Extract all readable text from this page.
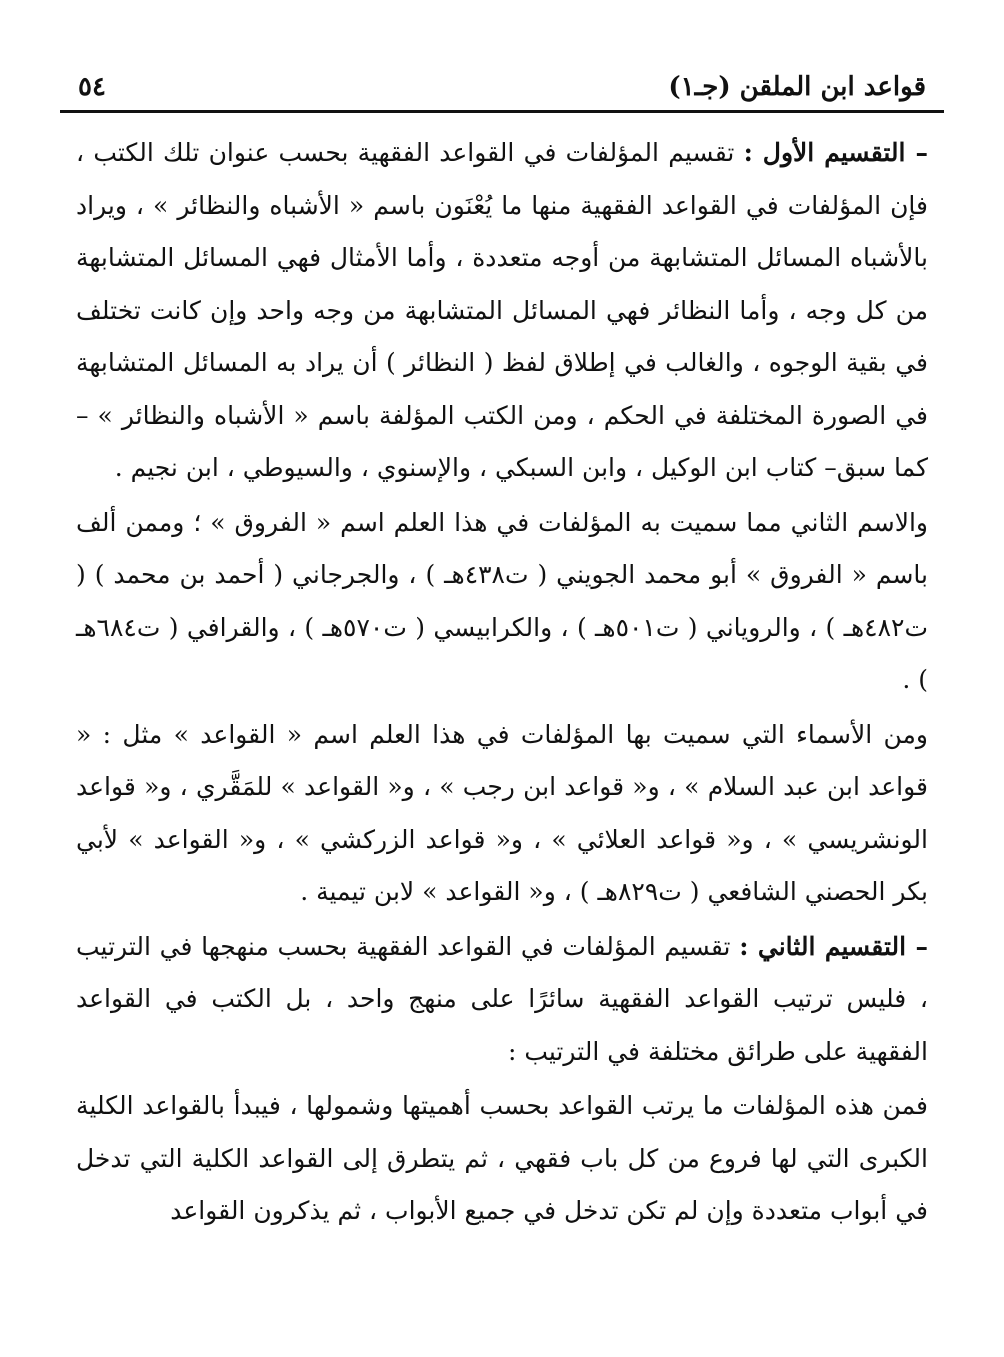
قواعد ابن الملقن (جـ١)
٥٤

– التقسيم الأول : تقسيم المؤلفات في القواعد الفقهية بحسب عنوان تلك الكتب ، فإن المؤلفات في القواعد الفقهية منها ما يُعْنَون باسم « الأشباه والنظائر » ، ويراد بالأشباه المسائل المتشابهة من أوجه متعددة ، وأما الأمثال فهي المسائل المتشابهة من كل وجه ، وأما النظائر فهي المسائل المتشابهة من وجه واحد وإن كانت تختلف في بقية الوجوه ، والغالب في إطلاق لفظ ( النظائر ) أن يراد به المسائل المتشابهة في الصورة المختلفة في الحكم ، ومن الكتب المؤلفة باسم « الأشباه والنظائر » –كما سبق– كتاب ابن الوكيل ، وابن السبكي ، والإسنوي ، والسيوطي ، ابن نجيم .

والاسم الثاني مما سميت به المؤلفات في هذا العلم اسم « الفروق » ؛ وممن ألف باسم « الفروق » أبو محمد الجويني ( ت٤٣٨هـ ) ، والجرجاني ( أحمد بن محمد ) ( ت٤٨٢هـ ) ، والروياني ( ت٥٠١هـ ) ، والكرابيسي ( ت٥٧٠هـ ) ، والقرافي ( ت٦٨٤هـ ) .

ومن الأسماء التي سميت بها المؤلفات في هذا العلم اسم « القواعد » مثل : « قواعد ابن عبد السلام » ، و« قواعد ابن رجب » ، و« القواعد » للمَقَّري ، و« قواعد الونشريسي » ، و« قواعد العلائي » ، و« قواعد الزركشي » ، و« القواعد » لأبي بكر الحصني الشافعي ( ت٨٢٩هـ ) ، و« القواعد » لابن تيمية .

– التقسيم الثاني : تقسيم المؤلفات في القواعد الفقهية بحسب منهجها في الترتيب ، فليس ترتيب القواعد الفقهية سائرًا على منهج واحد ، بل الكتب في القواعد الفقهية على طرائق مختلفة في الترتيب :

فمن هذه المؤلفات ما يرتب القواعد بحسب أهميتها وشمولها ، فيبدأ بالقواعد الكلية الكبرى التي لها فروع من كل باب فقهي ، ثم يتطرق إلى القواعد الكلية التي تدخل في أبواب متعددة وإن لم تكن تدخل في جميع الأبواب ، ثم يذكرون القواعد
